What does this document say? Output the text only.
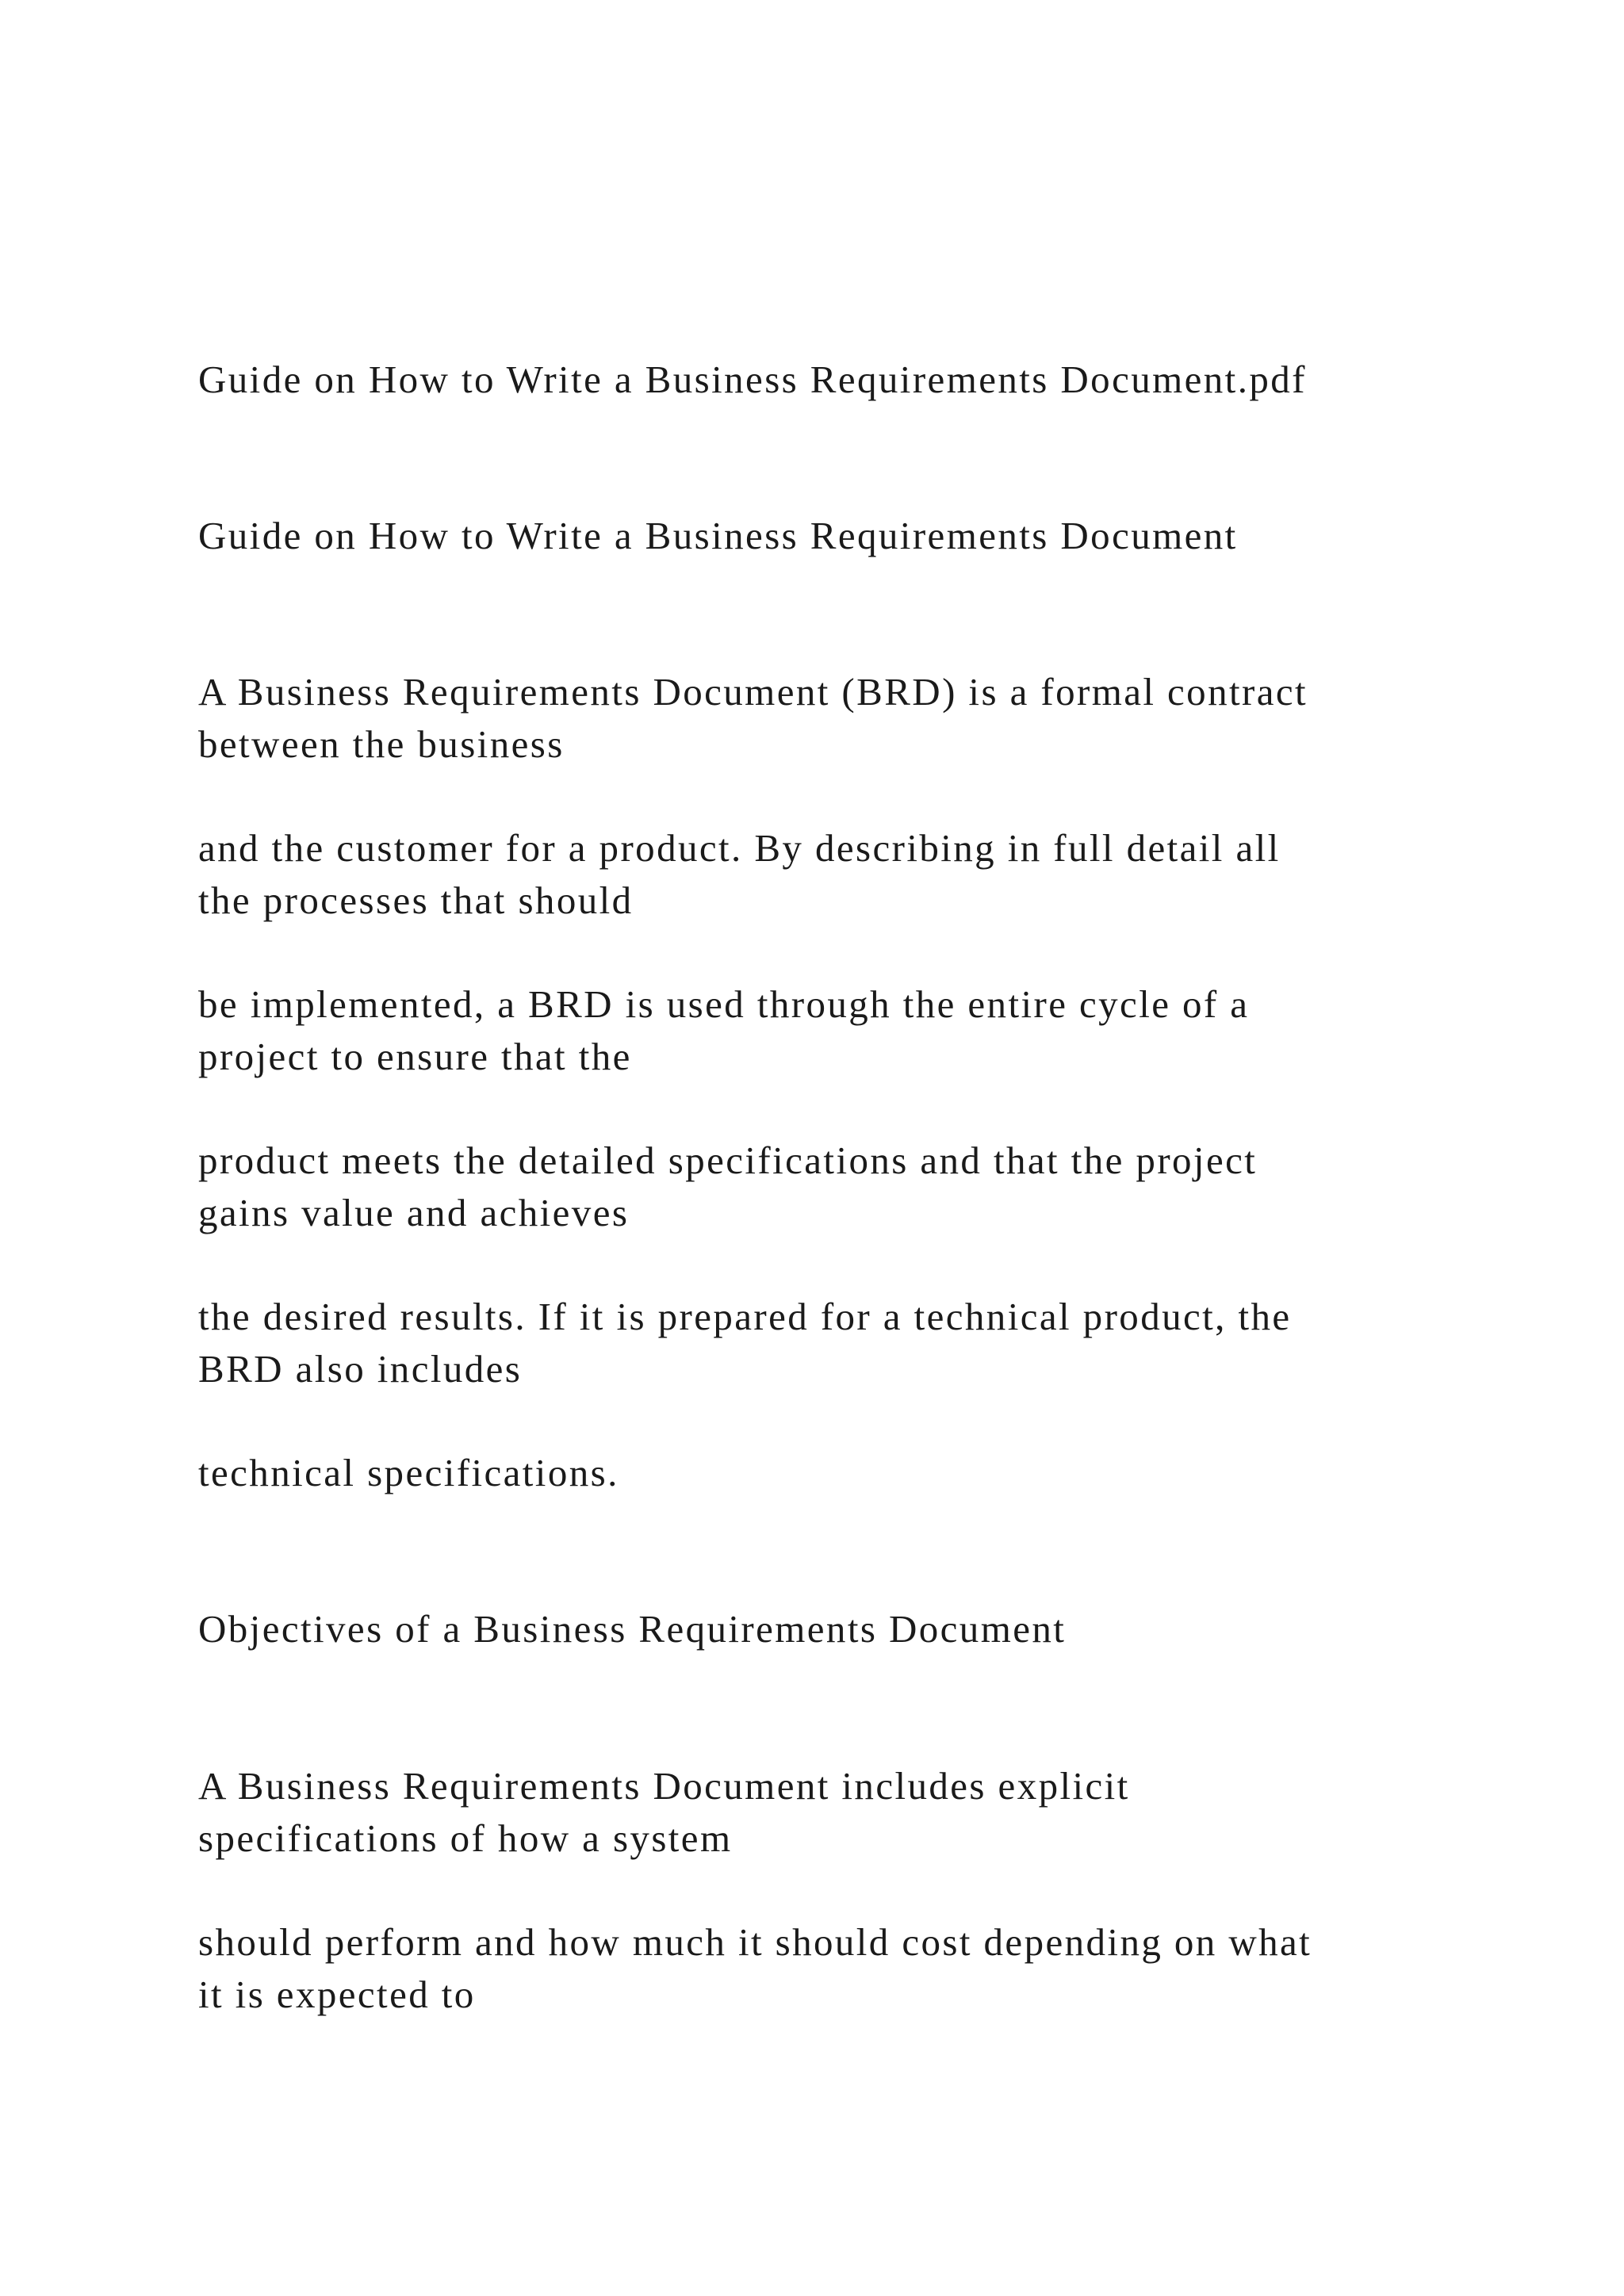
Guide on How to Write a Business Requirements Document.pdf

Guide on How to Write a Business Requirements Document

A Business Requirements Document (BRD) is a formal contract

between the business

and the customer for a product. By describing in full detail all

the processes that should

be implemented, a BRD is used through the entire cycle of a

project to ensure that the

product meets the detailed specifications and that the project

gains value and achieves

the desired results. If it is prepared for a technical product, the

BRD also includes

technical specifications.

Objectives of a Business Requirements Document

A Business Requirements Document includes explicit

specifications of how a system

should perform and how much it should cost depending on what

it is expected to
